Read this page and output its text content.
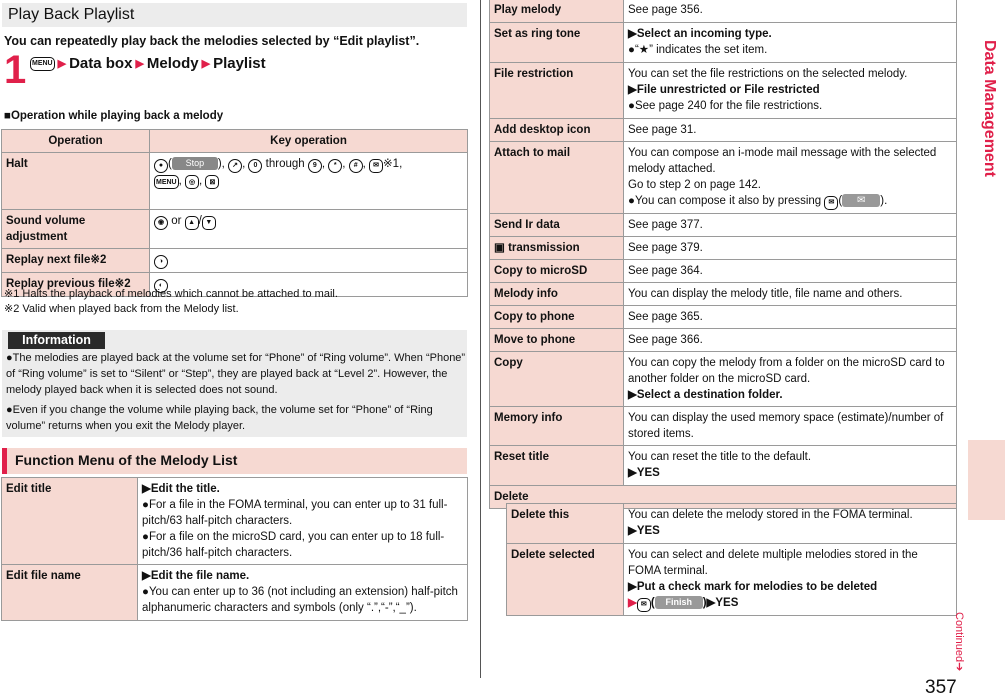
Play Back Playlist
You can repeatedly play back the melodies selected by “Edit playlist”.
1 MENU ▶ Data box ▶ Melody ▶ Playlist
■Operation while playing back a melody
Operation	Key operation
Halt	● ( Stop ), ↗ , 0 through 9 , * , # , ✉ ※1,
MENU , ◎ , ⊠
Sound volume adjustment	◉ or ▲ / ▼
Replay next file※2	◑
Replay previous file※2	◐
※1 Halts the playback of melodies which cannot be attached to mail.
※2 Valid when played back from the Melody list.
Information
●The melodies are played back at the volume set for “Phone” of “Ring volume”. When “Phone” of “Ring volume” is set to “Silent” or “Step”, they are played back at “Level 2”. However, the melody played back when it is selected does not sound.
●Even if you change the volume while playing back, the volume set for “Phone” of “Ring volume” returns when you exit the Melody player.
Function Menu of the Melody List
Edit title	▶Edit the title.
●For a file in the FOMA terminal, you can enter up to 31 full-pitch/63 half-pitch characters.
●For a file on the microSD card, you can enter up to 18 full-pitch/36 half-pitch characters.

Edit file name	▶Edit the file name.
●You can enter up to 36 (not including an extension) half-pitch alphanumeric characters and symbols (only “.”,“-”,“_”).
Play melody	See page 356.
Set as ring tone	▶Select an incoming type.
●“★” indicates the set item.

File restriction	You can set the file restrictions on the selected melody.
▶File unrestricted or File restricted
●See page 240 for the file restrictions.

Add desktop icon	See page 31.
Attach to mail	You can compose an i-mode mail message with the selected melody attached.
Go to step 2 on page 142.
●You can compose it also by pressing ✉ ( ✉ ).

Send Ir data	See page 377.
▣ transmission	See page 379.
Copy to microSD	See page 364.
Melody info	You can display the melody title, file name and others.
Copy to phone	See page 365.
Move to phone	See page 366.
Copy	You can copy the melody from a folder on the microSD card to another folder on the microSD card.
▶Select a destination folder.

Memory info	You can display the used memory space (estimate)/number of stored items.
Reset title	You can reset the title to the default.
▶YES

Delete	
Delete this	You can delete the melody stored in the FOMA terminal.
▶YES

Delete selected	You can select and delete multiple melodies stored in the FOMA terminal.
▶Put a check mark for melodies to be deleted
▶ ✉ ( Finish )▶YES
Data Management
Continued➔
357
